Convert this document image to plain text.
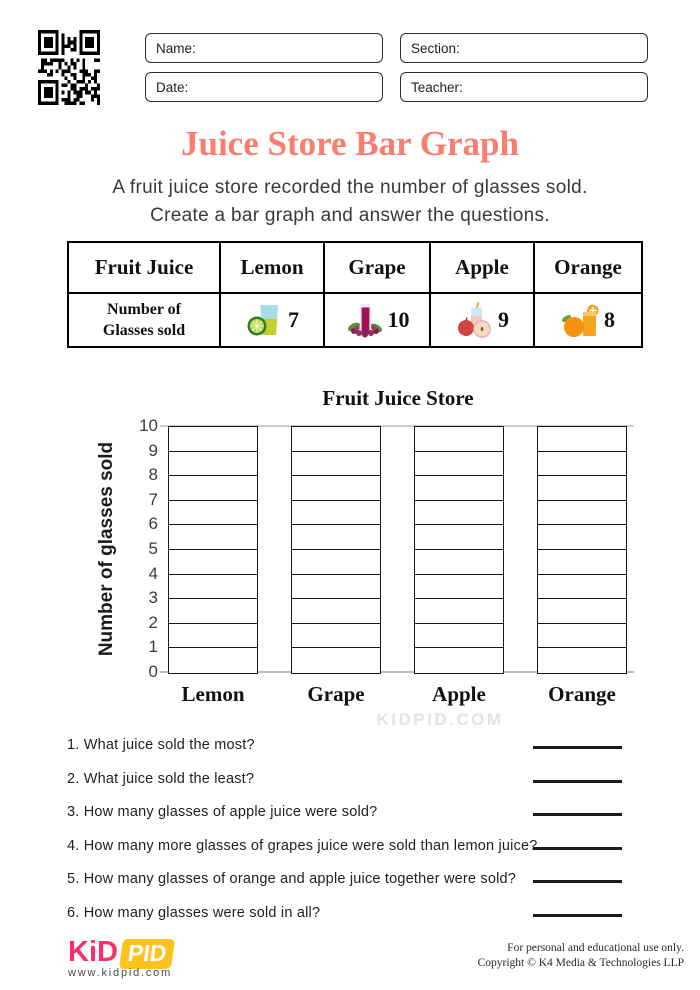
Name:	Section:
Date:	Teacher:
Juice Store Bar Graph
A fruit juice store recorded the number of glasses sold.
Create a bar graph and answer the questions.
Fruit Juice	Lemon	Grape	Apple	Orange

Number of
Glasses sold	7	10	9	8
Fruit Juice Store
Number of glasses sold
10
9
8
7
6
5
4
3
2
1
0
Lemon	Grape	Apple	Orange
KIDPID.COM
1. What juice sold the most?
2. What juice sold the least?
3. How many glasses of apple juice were sold?
4. How many more glasses of grapes juice were sold than lemon juice?
5. How many glasses of orange and apple juice together were sold?
6. How many glasses were sold in all?
KiD PID
www.kidpid.com
For personal and educational use only.
Copyright © K4 Media & Technologies LLP
